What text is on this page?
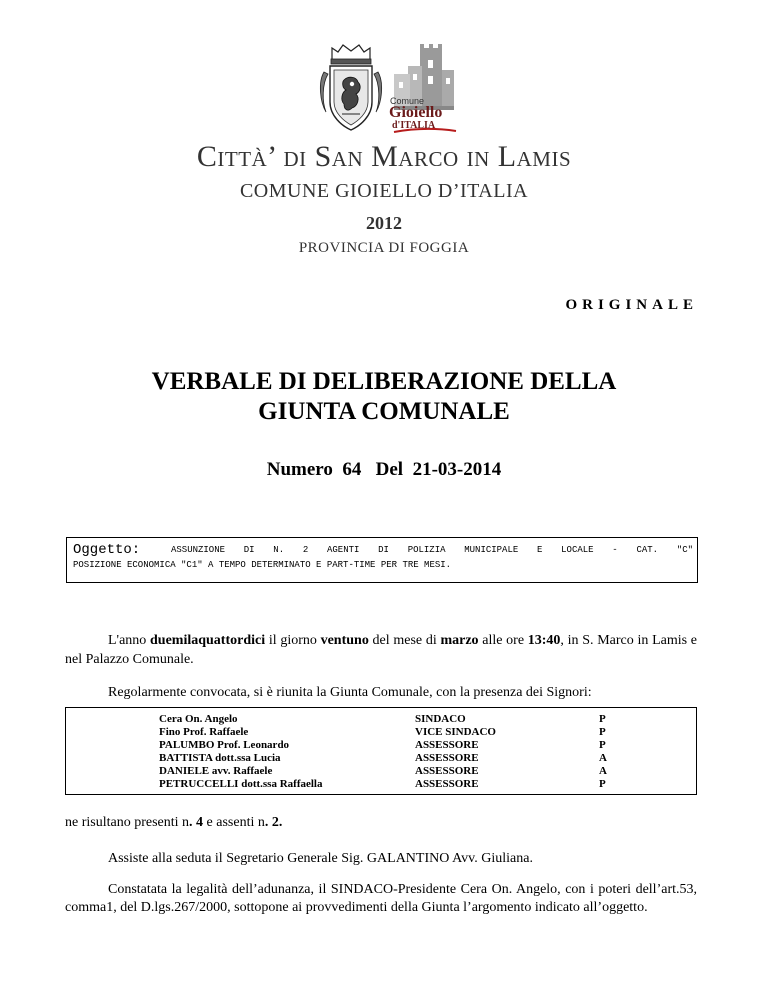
Comune
Gioiello
d'ITALIA
Città’ di San Marco in Lamis
COMUNE GIOIELLO D’ITALIA
2012
PROVINCIA DI FOGGIA
ORIGINALE
VERBALE DI DELIBERAZIONE DELLA
GIUNTA COMUNALE
Numero 64 Del 21-03-2014
Oggetto:	ASSUNZIONE DI N. 2 AGENTI DI POLIZIA MUNICIPALE E LOCALE - CAT. "C"
POSIZIONE ECONOMICA "C1" A TEMPO DETERMINATO E PART-TIME PER TRE MESI.
L'anno duemilaquattordici il giorno ventuno del mese di marzo alle ore 13:40, in S. Marco in Lamis e nel Palazzo Comunale.
Regolarmente convocata, si è riunita la Giunta Comunale, con la presenza dei Signori:
Cera On. Angelo	SINDACO	P
Fino Prof. Raffaele	VICE SINDACO	P
PALUMBO Prof. Leonardo	ASSESSORE	P
BATTISTA dott.ssa Lucia	ASSESSORE	A
DANIELE avv. Raffaele	ASSESSORE	A
PETRUCCELLI dott.ssa Raffaella	ASSESSORE	P
ne risultano presenti n. 4 e assenti n. 2.
Assiste alla seduta il Segretario Generale Sig. GALANTINO Avv. Giuliana.
Constatata la legalità dell’adunanza, il SINDACO-Presidente Cera On. Angelo, con i poteri dell’art.53, comma1, del D.lgs.267/2000, sottopone ai provvedimenti della Giunta l’argomento indicato all’oggetto.
